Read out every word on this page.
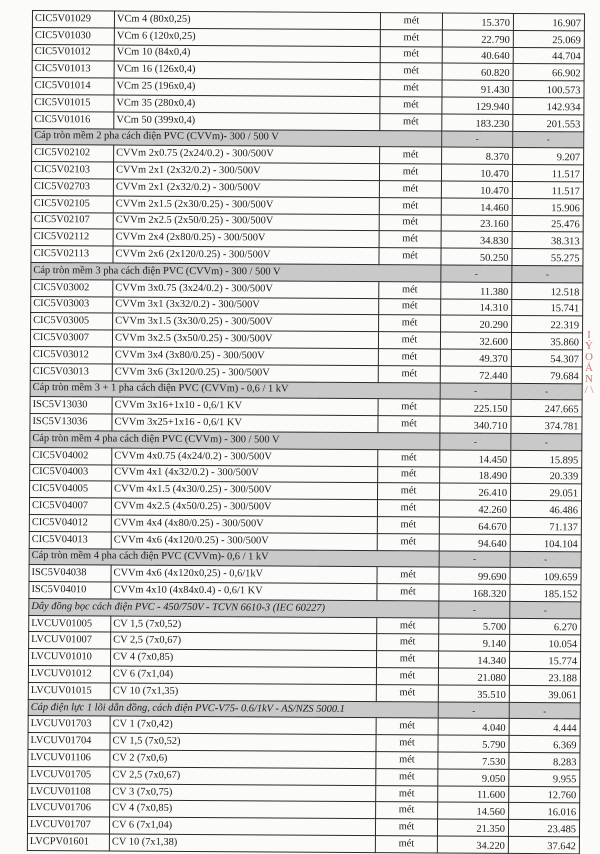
CIC5V01029	VCm 4 (80x0,25)	mét	15.370	16.907
CIC5V01030	VCm 6 (120x0,25)	mét	22.790	25.069
CIC5V01012	VCm 10 (84x0,4)	mét	40.640	44.704
CIC5V01013	VCm 16 (126x0,4)	mét	60.820	66.902
CIC5V01014	VCm 25 (196x0,4)	mét	91.430	100.573
CIC5V01015	VCm 35 (280x0,4)	mét	129.940	142.934
CIC5V01016	VCm 50 (399x0,4)	mét	183.230	201.553
Cáp tròn mềm 2 pha cách điện PVC (CVVm)- 300 / 500 V			-	-
CIC5V02102	CVVm 2x0.75 (2x24/0.2) - 300/500V	mét	8.370	9.207
CIC5V02103	CVVm 2x1 (2x32/0.2) - 300/500V	mét	10.470	11.517
CIC5V02703	CVVm 2x1 (2x32/0.2) - 300/500V	mét	10.470	11.517
CIC5V02105	CVVm 2x1.5 (2x30/0.25) - 300/500V	mét	14.460	15.906
CIC5V02107	CVVm 2x2.5 (2x50/0.25) - 300/500V	mét	23.160	25.476
CIC5V02112	CVVm 2x4 (2x80/0.25) - 300/500V	mét	34.830	38.313
CIC5V02113	CVVm 2x6 (2x120/0.25) - 300/500V	mét	50.250	55.275
Cáp tròn mềm 3 pha cách điện PVC (CVVm) - 300 / 500 V			-	-
CIC5V03002	CVVm 3x0.75 (3x24/0.2) - 300/500V	mét	11.380	12.518
CIC5V03003	CVVm 3x1 (3x32/0.2) - 300/500V	mét	14.310	15.741
CIC5V03005	CVVm 3x1.5 (3x30/0.25) - 300/500V	mét	20.290	22.319
CIC5V03007	CVVm 3x2.5 (3x50/0.25) - 300/500V	mét	32.600	35.860
CIC5V03012	CVVm 3x4 (3x80/0.25) - 300/500V	mét	49.370	54.307
CIC5V03013	CVVm 3x6 (3x120/0.25) - 300/500V	mét	72.440	79.684
Cáp tròn mềm 3 + 1 pha cách điện PVC (CVVm) - 0,6 / 1 kV			-	-
ISC5V13030	CVVm 3x16+1x10 - 0,6/1 KV	mét	225.150	247.665
ISC5V13036	CVVm 3x25+1x16 - 0,6/1 KV	mét	340.710	374.781
Cáp tròn mềm 4 pha cách điện PVC (CVVm) - 300 / 500 V			-	-
CIC5V04002	CVVm 4x0.75 (4x24/0.2) - 300/500V	mét	14.450	15.895
CIC5V04003	CVVm 4x1 (4x32/0.2) - 300/500V	mét	18.490	20.339
CIC5V04005	CVVm 4x1.5 (4x30/0.25) - 300/500V	mét	26.410	29.051
CIC5V04007	CVVm 4x2.5 (4x50/0.25) - 300/500V	mét	42.260	46.486
CIC5V04012	CVVm 4x4 (4x80/0.25) - 300/500V	mét	64.670	71.137
CIC5V04013	CVVm 4x6 (4x120/0.25) - 300/500V	mét	94.640	104.104
Cáp tròn mềm 4 pha cách điện PVC (CVVm)- 0,6 / 1 kV			-	-
ISC5V04038	CVVm 4x6 (4x120x0,25) - 0,6/1kV	mét	99.690	109.659
ISC5V04010	CVVm 4x10 (4x84x0.4) - 0,6/1 KV	mét	168.320	185.152
Dây đồng bọc cách điện PVC - 450/750V - TCVN 6610-3 (IEC 60227)			-	-
LVCUV01005	CV 1,5 (7x0,52)	mét	5.700	6.270
LVCUV01007	CV 2,5 (7x0,67)	mét	9.140	10.054
LVCUV01010	CV 4 (7x0,85)	mét	14.340	15.774
LVCUV01012	CV 6 (7x1,04)	mét	21.080	23.188
LVCUV01015	CV 10 (7x1,35)	mét	35.510	39.061
Cáp điện lực 1 lõi dẫn đồng, cách điện PVC-V75- 0.6/1kV - AS/NZS 5000.1			-	-
LVCUV01703	CV 1 (7x0,42)	mét	4.040	4.444
LVCUV01704	CV 1,5 (7x0,52)	mét	5.790	6.369
LVCUV01106	CV 2 (7x0,6)	mét	7.530	8.283
LVCUV01705	CV 2,5 (7x0,67)	mét	9.050	9.955
LVCUV01108	CV 3 (7x0,75)	mét	11.600	12.760
LVCUV01706	CV 4 (7x0,85)	mét	14.560	16.016
LVCUV01707	CV 6 (7x1,04)	mét	21.350	23.485
LVCPV01601	CV 10 (7x1,38)	mét	34.220	37.642
I
Ý
O
Ả
N
/ \
